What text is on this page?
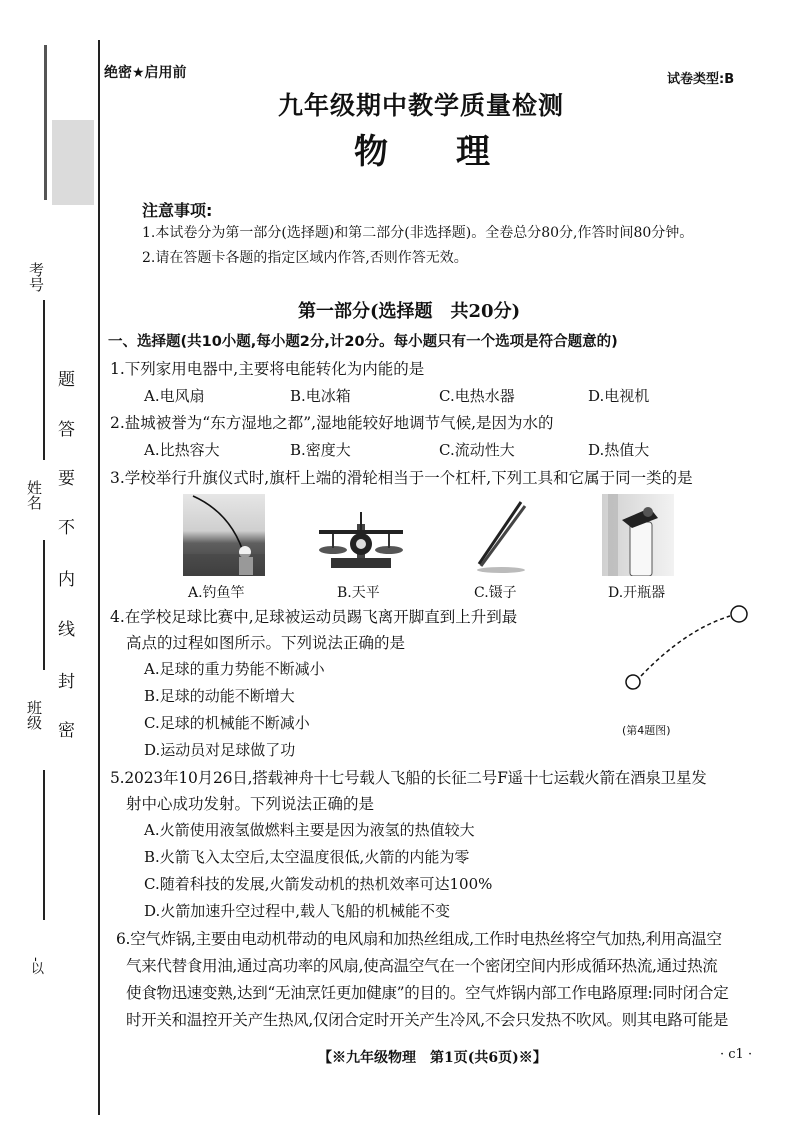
考号
姓名
班级
-以
题
答
要
不
内
线
封
密
绝密★启用前	试卷类型:B
九年级期中教学质量检测
物　　理
注意事项:
1.本试卷分为第一部分(选择题)和第二部分(非选择题)。全卷总分80分,作答时间80分钟。
2.请在答题卡各题的指定区域内作答,否则作答无效。
第一部分(选择题　共20分)
一、选择题(共10小题,每小题2分,计20分。每小题只有一个选项是符合题意的)
1.下列家用电器中,主要将电能转化为内能的是
A.电风扇	B.电冰箱	C.电热水器	D.电视机
2.盐城被誉为“东方湿地之都”,湿地能较好地调节气候,是因为水的
A.比热容大	B.密度大	C.流动性大	D.热值大
3.学校举行升旗仪式时,旗杆上端的滑轮相当于一个杠杆,下列工具和它属于同一类的是
A.钓鱼竿	B.天平	C.镊子	D.开瓶器
4.在学校足球比赛中,足球被运动员踢飞离开脚直到上升到最
高点的过程如图所示。下列说法正确的是
A.足球的重力势能不断减小
B.足球的动能不断增大
C.足球的机械能不断减小
D.运动员对足球做了功
(第4题图)
5.2023年10月26日,搭载神舟十七号载人飞船的长征二号F遥十七运载火箭在酒泉卫星发
射中心成功发射。下列说法正确的是
A.火箭使用液氢做燃料主要是因为液氢的热值较大
B.火箭飞入太空后,太空温度很低,火箭的内能为零
C.随着科技的发展,火箭发动机的热机效率可达100%
D.火箭加速升空过程中,载人飞船的机械能不变
6.空气炸锅,主要由电动机带动的电风扇和加热丝组成,工作时电热丝将空气加热,利用高温空
气来代替食用油,通过高功率的风扇,使高温空气在一个密闭空间内形成循环热流,通过热流
使食物迅速变熟,达到“无油烹饪更加健康”的目的。空气炸锅内部工作电路原理:同时闭合定
时开关和温控开关产生热风,仅闭合定时开关产生冷风,不会只发热不吹风。则其电路可能是
【※九年级物理　第1页(共6页)※】	· c1 ·
